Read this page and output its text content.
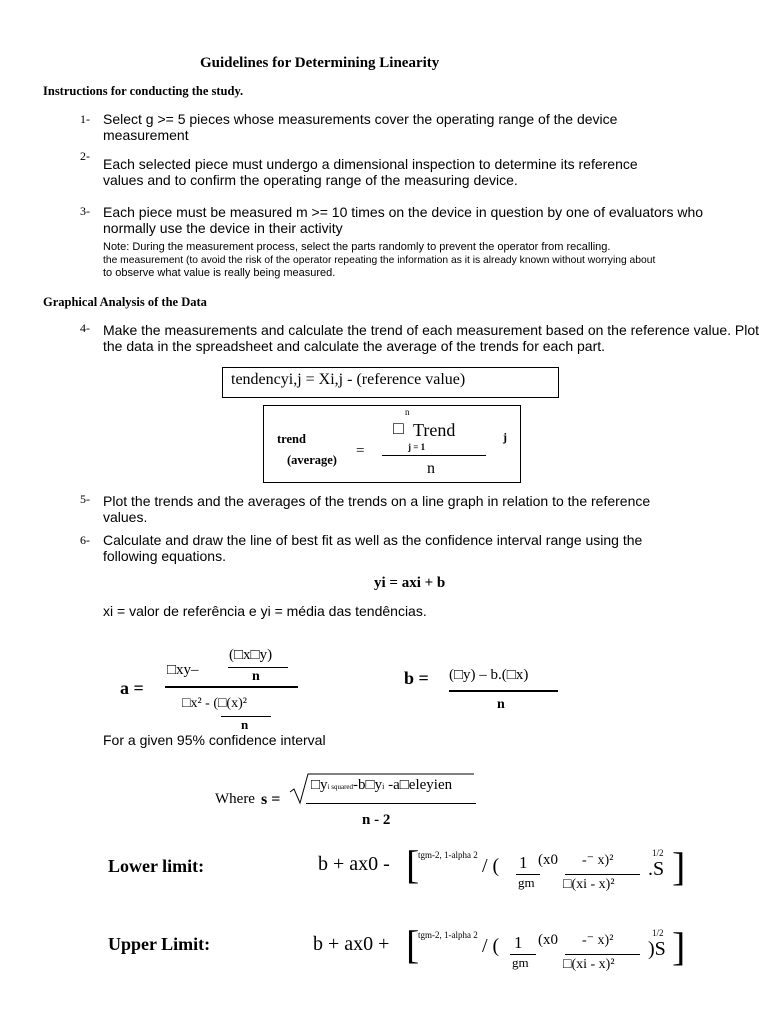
Guidelines for Determining Linearity
Instructions for conducting the study.
1- Select g >= 5 pieces whose measurements cover the operating range of the device measurement
2- Each selected piece must undergo a dimensional inspection to determine its reference values and to confirm the operating range of the measuring device.
3- Each piece must be measured m >= 10 times on the device in question by one of evaluators who normally use the device in their activity
Note: During the measurement process, select the parts randomly to prevent the operator from recalling.
the measurement (to avoid the risk of the operator repeating the information as it is already known without worrying about
to observe what value is really being measured.
Graphical Analysis of the Data
4- Make the measurements and calculate the trend of each measurement based on the reference value. Plot the data in the spreadsheet and calculate the average of the trends for each part.
tendencyi,j = Xi,j - (reference value)
trend
(average)
=
n
□ Trend
j = 1
j
n
5- Plot the trends and the averages of the trends on a line graph in relation to the reference values.
6- Calculate and draw the line of best fit as well as the confidence interval range using the following equations.
yi = axi + b
xi = valor de referência e yi = média das tendências.
a =
□xy–
(□x□y)
n
□x² - (□(x)²
n
b = (□y) – b.(□x)
n
For a given 95% confidence interval
Where s =
□yi squared-b□yi -a□eleyien
n - 2
Lower limit:	b + ax0 - [
tgm-2, 1-alpha 2 / ( 1
gm
(x0 -⁻ x)²
□(xi - x)²
1/2
.S ]
Upper Limit:	b + ax0 + [
tgm-2, 1-alpha 2 / ( 1
gm
(x0 -⁻ x)²
□(xi - x)²
1/2
)S ]
